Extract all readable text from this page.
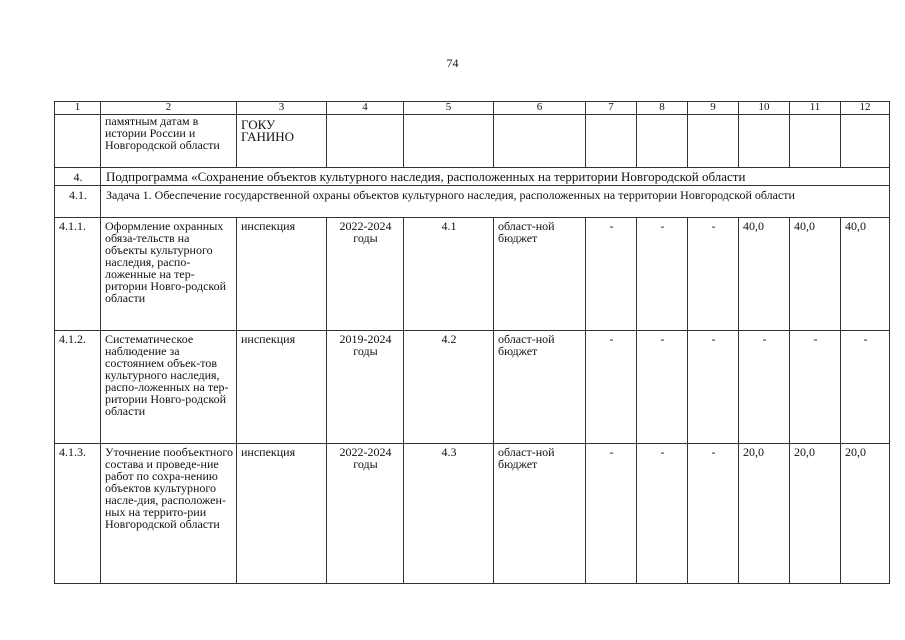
74
1	2	3	4	5	6	7	8	9	10	11	12
	памятным датам в истории России и Новгородской области	ГОКУ ГАНИНО									
4.	Подпрограмма «Сохранение объектов культурного наследия, расположенных на территории Новгородской области										
4.1.	Задача 1. Обеспечение государственной охраны объектов культурного наследия, расположенных на территории Новгородской области										
4.1.1.	Оформление охранных обяза-тельств на объекты культурного наследия, распо-ложенные на тер-ритории Новго-родской области	инспекция	2022-2024 годы	4.1	област-ной бюджет	-	-	-	40,0	40,0	40,0
4.1.2.	Систематическое наблюдение за состоянием объек-тов культурного наследия, распо-ложенных на тер-ритории Новго-родской области	инспекция	2019-2024 годы	4.2	област-ной бюджет	-	-	-	-	-	-
4.1.3.	Уточнение пообъектного состава и проведе-ние работ по сохра-нению объектов культурного насле-дия, расположен-ных на террито-рии Новгородской области	инспекция	2022-2024 годы	4.3	област-ной бюджет	-	-	-	20,0	20,0	20,0
